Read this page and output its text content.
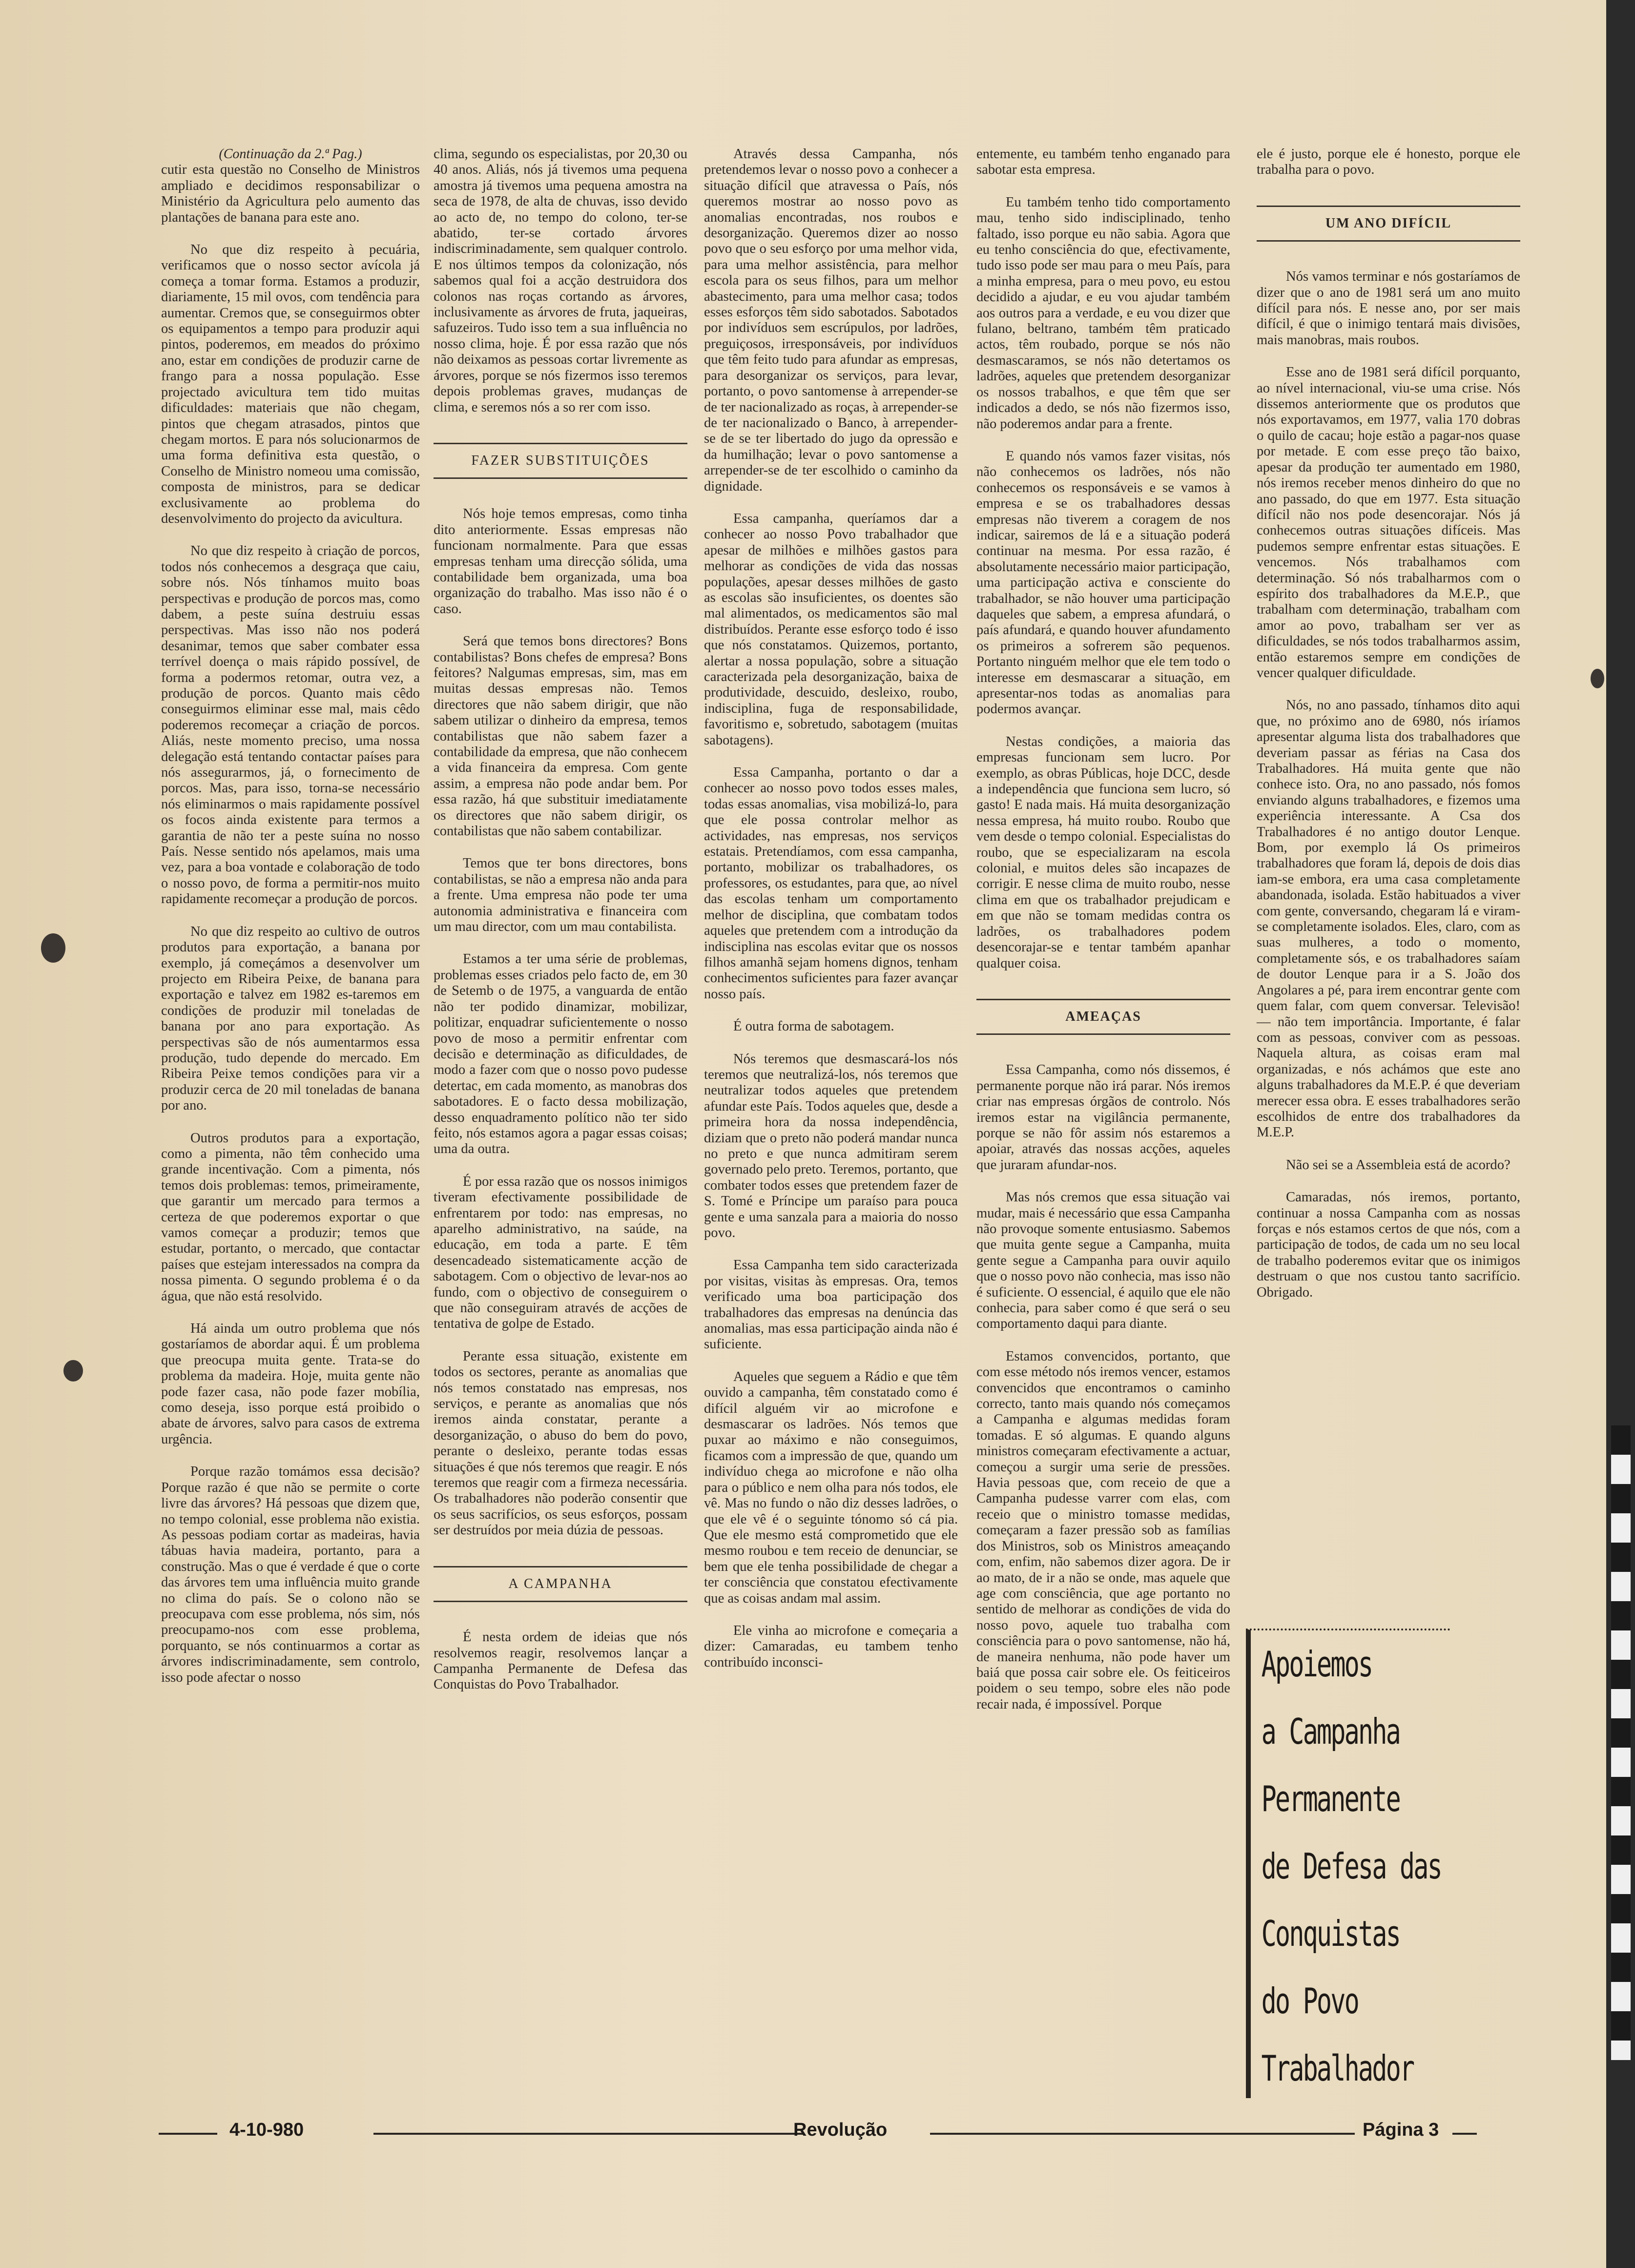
(Continuação da 2.ª Pag.)

cutir esta questão no Conselho de Ministros ampliado e decidimos responsabilizar o Ministério da Agricultura pelo aumento das plantações de banana para este ano.

No que diz respeito à pecuária, verificamos que o nosso sector avícola já começa a tomar forma. Estamos a produzir, diariamente, 15 mil ovos, com tendência para aumentar. Cremos que, se conseguirmos obter os equipamentos a tempo para produzir aqui pintos, poderemos, em meados do próximo ano, estar em condições de produzir carne de frango para a nossa população. Esse projectado avicultura tem tido muitas dificuldades: materiais que não chegam, pintos que chegam atrasados, pintos que chegam mortos. E para nós solucionarmos de uma forma definitiva esta questão, o Conselho de Ministro nomeou uma comissão, composta de ministros, para se dedicar exclusivamente ao problema do desenvolvimento do projecto da avicultura.

No que diz respeito à criação de porcos, todos nós conhecemos a desgraça que caiu, sobre nós. Nós tínhamos muito boas perspectivas e produção de porcos mas, como dabem, a peste suína destruiu essas perspectivas. Mas isso não nos poderá desanimar, temos que saber combater essa terrível doença o mais rápido possível, de forma a podermos retomar, outra vez, a produção de porcos. Quanto mais cêdo conseguirmos eliminar esse mal, mais cêdo poderemos recomeçar a criação de porcos. Aliás, neste momento preciso, uma nossa delegação está tentando contactar países para nós assegurarmos, já, o fornecimento de porcos. Mas, para isso, torna-se necessário nós eliminarmos o mais rapidamente possível os focos ainda existente para termos a garantia de não ter a peste suína no nosso País. Nesse sentido nós apelamos, mais uma vez, para a boa vontade e colaboração de todo o nosso povo, de forma a permitir-nos muito rapidamente recomeçar a produção de porcos.

No que diz respeito ao cultivo de outros produtos para exportação, a banana por exemplo, já começámos a desenvolver um projecto em Ribeira Peixe, de banana para exportação e talvez em 1982 es-taremos em condições de produzir mil toneladas de banana por ano para exportação. As perspectivas são de nós aumentarmos essa produção, tudo depende do mercado. Em Ribeira Peixe temos condições para vir a produzir cerca de 20 mil toneladas de banana por ano.

Outros produtos para a exportação, como a pimenta, não têm conhecido uma grande incentivação. Com a pimenta, nós temos dois problemas: temos, primeiramente, que garantir um mercado para termos a certeza de que poderemos exportar o que vamos começar a produzir; temos que estudar, portanto, o mercado, que contactar países que estejam interessados na compra da nossa pimenta. O segundo problema é o da água, que não está resolvido.

Há ainda um outro problema que nós gostaríamos de abordar aqui. É um problema que preocupa muita gente. Trata-se do problema da madeira. Hoje, muita gente não pode fazer casa, não pode fazer mobília, como deseja, isso porque está proibido o abate de árvores, salvo para casos de extrema urgência.

Porque razão tomámos essa decisão? Porque razão é que não se permite o corte livre das árvores? Há pessoas que dizem que, no tempo colonial, esse problema não existia. As pessoas podiam cortar as madeiras, havia tábuas havia madeira, portanto, para a construção. Mas o que é verdade é que o corte das árvores tem uma influência muito grande no clima do país. Se o colono não se preocupava com esse problema, nós sim, nós preocupamo-nos com esse problema, porquanto, se nós continuarmos a cortar as árvores indiscriminadamente, sem controlo, isso pode afectar o nosso

clima, segundo os especialistas, por 20,30 ou 40 anos. Aliás, nós já tivemos uma pequena amostra já tivemos uma pequena amostra na seca de 1978, de alta de chuvas, isso devido ao acto de, no tempo do colono, ter-se abatido, ter-se cortado árvores indiscriminadamente, sem qualquer controlo. E nos últimos tempos da colonização, nós sabemos qual foi a acção destruidora dos colonos nas roças cortando as árvores, inclusivamente as árvores de fruta, jaqueiras, safuzeiros. Tudo isso tem a sua influência no nosso clima, hoje. É por essa razão que nós não deixamos as pessoas cortar livremente as árvores, porque se nós fizermos isso teremos depois problemas graves, mudanças de clima, e seremos nós a so rer com isso.

FAZER SUBSTITUIÇÕES

Nós hoje temos empresas, como tinha dito anteriormente. Essas empresas não funcionam normalmente. Para que essas empresas tenham uma direcção sólida, uma contabilidade bem organizada, uma boa organização do trabalho. Mas isso não é o caso.

Será que temos bons directores? Bons contabilistas? Bons chefes de empresa? Bons feitores? Nalgumas empresas, sim, mas em muitas dessas empresas não. Temos directores que não sabem dirigir, que não sabem utilizar o dinheiro da empresa, temos contabilistas que não sabem fazer a contabilidade da empresa, que não conhecem a vida financeira da empresa. Com gente assim, a empresa não pode andar bem. Por essa razão, há que substituir imediatamente os directores que não sabem dirigir, os contabilistas que não sabem contabilizar.

Temos que ter bons directores, bons contabilistas, se não a empresa não anda para a frente. Uma empresa não pode ter uma autonomia administrativa e financeira com um mau director, com um mau contabilista.

Estamos a ter uma série de problemas, problemas esses criados pelo facto de, em 30 de Setemb o de 1975, a vanguarda de então não ter podido dinamizar, mobilizar, politizar, enquadrar suficientemente o nosso povo de moso a permitir enfrentar com decisão e determinação as dificuldades, de modo a fazer com que o nosso povo pudesse detertac, em cada momento, as manobras dos sabotadores. E o facto dessa mobilização, desso enquadramento político não ter sido feito, nós estamos agora a pagar essas coisas; uma da outra.

É por essa razão que os nossos inimigos tiveram efectivamente possibilidade de enfrentarem por todo: nas empresas, no aparelho administrativo, na saúde, na educação, em toda a parte. E têm desencadeado sistematicamente acção de sabotagem. Com o objectivo de levar-nos ao fundo, com o objectivo de conseguirem o que não conseguiram através de acções de tentativa de golpe de Estado.

Perante essa situação, existente em todos os sectores, perante as anomalias que nós temos constatado nas empresas, nos serviços, e perante as anomalias que nós iremos ainda constatar, perante a desorganização, o abuso do bem do povo, perante o desleixo, perante todas essas situações é que nós teremos que reagir. E nós teremos que reagir com a firmeza necessária. Os trabalhadores não poderão consentir que os seus sacrifícios, os seus esforços, possam ser destruídos por meia dúzia de pessoas.

A CAMPANHA

É nesta ordem de ideias que nós resolvemos reagir, resolvemos lançar a Campanha Permanente de Defesa das Conquistas do Povo Trabalhador.

Através dessa Campanha, nós pretendemos levar o nosso povo a conhecer a situação difícil que atravessa o País, nós queremos mostrar ao nosso povo as anomalias encontradas, nos roubos e desorganização. Queremos dizer ao nosso povo que o seu esforço por uma melhor vida, para uma melhor assistência, para melhor escola para os seus filhos, para um melhor abastecimento, para uma melhor casa; todos esses esforços têm sido sabotados. Sabotados por indivíduos sem escrúpulos, por ladrões, preguiçosos, irresponsáveis, por indivíduos que têm feito tudo para afundar as empresas, para desorganizar os serviços, para levar, portanto, o povo santomense à arrepender-se de ter nacionalizado as roças, à arrepender-se de ter nacionalizado o Banco, à arrepender-se de se ter libertado do jugo da opressão e da humilhação; levar o povo santomense a arrepender-se de ter escolhido o caminho da dignidade.

Essa campanha, queríamos dar a conhecer ao nosso Povo trabalhador que apesar de milhões e milhões gastos para melhorar as condições de vida das nossas populações, apesar desses milhões de gasto as escolas são insuficientes, os doentes são mal alimentados, os medicamentos são mal distribuídos. Perante esse esforço todo é isso que nós constatamos. Quizemos, portanto, alertar a nossa população, sobre a situação caracterizada pela desorganização, baixa de produtividade, descuido, desleixo, roubo, indisciplina, fuga de responsabilidade, favoritismo e, sobretudo, sabotagem (muitas sabotagens).

Essa Campanha, portanto o dar a conhecer ao nosso povo todos esses males, todas essas anomalias, visa mobilizá-lo, para que ele possa controlar melhor as actividades, nas empresas, nos serviços estatais. Pretendíamos, com essa campanha, portanto, mobilizar os trabalhadores, os professores, os estudantes, para que, ao nível das escolas tenham um comportamento melhor de disciplina, que combatam todos aqueles que pretendem com a introdução da indisciplina nas escolas evitar que os nossos filhos amanhã sejam homens dignos, tenham conhecimentos suficientes para fazer avançar nosso país.

É outra forma de sabotagem.

Nós teremos que desmascará-los nós teremos que neutralizá-los, nós teremos que neutralizar todos aqueles que pretendem afundar este País. Todos aqueles que, desde a primeira hora da nossa independência, diziam que o preto não poderá mandar nunca no preto e que nunca admitiram serem governado pelo preto. Teremos, portanto, que combater todos esses que pretendem fazer de S. Tomé e Príncipe um paraíso para pouca gente e uma sanzala para a maioria do nosso povo.

Essa Campanha tem sido caracterizada por visitas, visitas às empresas. Ora, temos verificado uma boa participação dos trabalhadores das empresas na denúncia das anomalias, mas essa participação ainda não é suficiente.

Aqueles que seguem a Rádio e que têm ouvido a campanha, têm constatado como é difícil alguém vir ao microfone e desmascarar os ladrões. Nós temos que puxar ao máximo e não conseguimos, ficamos com a impressão de que, quando um indivíduo chega ao microfone e não olha para o público e nem olha para nós todos, ele vê. Mas no fundo o não diz desses ladrões, o que ele vê é o seguinte tónomo só cá pia. Que ele mesmo está comprometido que ele mesmo roubou e tem receio de denunciar, se bem que ele tenha possibilidade de chegar a ter consciência que constatou efectivamente que as coisas andam mal assim.

Ele vinha ao microfone e começaria a dizer: Camaradas, eu tambem tenho contribuído inconsci-

entemente, eu também tenho enganado para sabotar esta empresa.

Eu também tenho tido comportamento mau, tenho sido indisciplinado, tenho faltado, isso porque eu não sabia. Agora que eu tenho consciência do que, efectivamente, tudo isso pode ser mau para o meu País, para a minha empresa, para o meu povo, eu estou decidido a ajudar, e eu vou ajudar também aos outros para a verdade, e eu vou dizer que fulano, beltrano, também têm praticado actos, têm roubado, porque se nós não desmascaramos, se nós não detertamos os ladrões, aqueles que pretendem desorganizar os nossos trabalhos, e que têm que ser indicados a dedo, se nós não fizermos isso, não poderemos andar para a frente.

E quando nós vamos fazer visitas, nós não conhecemos os ladrões, nós não conhecemos os responsáveis e se vamos à empresa e se os trabalhadores dessas empresas não tiverem a coragem de nos indicar, sairemos de lá e a situação poderá continuar na mesma. Por essa razão, é absolutamente necessário maior participação, uma participação activa e consciente do trabalhador, se não houver uma participação daqueles que sabem, a empresa afundará, o país afundará, e quando houver afundamento os primeiros a sofrerem são pequenos. Portanto ninguém melhor que ele tem todo o interesse em desmascarar a situação, em apresentar-nos todas as anomalias para podermos avançar.

Nestas condições, a maioria das empresas funcionam sem lucro. Por exemplo, as obras Públicas, hoje DCC, desde a independência que funciona sem lucro, só gasto! E nada mais. Há muita desorganização nessa empresa, há muito roubo. Roubo que vem desde o tempo colonial. Especialistas do roubo, que se especializaram na escola colonial, e muitos deles são incapazes de corrigir. E nesse clima de muito roubo, nesse clima em que os trabalhador prejudicam e em que não se tomam medidas contra os ladrões, os trabalhadores podem desencorajar-se e tentar também apanhar qualquer coisa.

AMEAÇAS

Essa Campanha, como nós dissemos, é permanente porque não irá parar. Nós iremos criar nas empresas órgãos de controlo. Nós iremos estar na vigilância permanente, porque se não fôr assim nós estaremos a apoiar, através das nossas acções, aqueles que juraram afundar-nos.

Mas nós cremos que essa situação vai mudar, mais é necessário que essa Campanha não provoque somente entusiasmo. Sabemos que muita gente segue a Campanha, muita gente segue a Campanha para ouvir aquilo que o nosso povo não conhecia, mas isso não é suficiente. O essencial, é aquilo que ele não conhecia, para saber como é que será o seu comportamento daqui para diante.

Estamos convencidos, portanto, que com esse método nós iremos vencer, estamos convencidos que encontramos o caminho correcto, tanto mais quando nós começamos a Campanha e algumas medidas foram tomadas. E só algumas. E quando alguns ministros começaram efectivamente a actuar, começou a surgir uma serie de pressões. Havia pessoas que, com receio de que a Campanha pudesse varrer com elas, com receio que o ministro tomasse medidas, começaram a fazer pressão sob as famílias dos Ministros, sob os Ministros ameaçando com, enfim, não sabemos dizer agora. De ir ao mato, de ir a não se onde, mas aquele que age com consciência, que age portanto no sentido de melhorar as condições de vida do nosso povo, aquele tuo trabalha com consciência para o povo santomense, não há, de maneira nenhuma, não pode haver um baiá que possa cair sobre ele. Os feiticeiros poidem o seu tempo, sobre eles não pode recair nada, é impossível. Porque

ele é justo, porque ele é honesto, porque ele trabalha para o povo.

UM ANO DIFÍCIL

Nós vamos terminar e nós gostaríamos de dizer que o ano de 1981 será um ano muito difícil para nós. E nesse ano, por ser mais difícil, é que o inimigo tentará mais divisões, mais manobras, mais roubos.

Esse ano de 1981 será difícil porquanto, ao nível internacional, viu-se uma crise. Nós dissemos anteriormente que os produtos que nós exportavamos, em 1977, valia 170 dobras o quilo de cacau; hoje estão a pagar-nos quase por metade. E com esse preço tão baixo, apesar da produção ter aumentado em 1980, nós iremos receber menos dinheiro do que no ano passado, do que em 1977. Esta situação difícil não nos pode desencorajar. Nós já conhecemos outras situações difíceis. Mas pudemos sempre enfrentar estas situações. E vencemos. Nós trabalhamos com determinação. Só nós trabalharmos com o espírito dos trabalhadores da M.E.P., que trabalham com determinação, trabalham com amor ao povo, trabalham ser ver as dificuldades, se nós todos trabalharmos assim, então estaremos sempre em condições de vencer qualquer dificuldade.

Nós, no ano passado, tínhamos dito aqui que, no próximo ano de 6980, nós iríamos apresentar alguma lista dos trabalhadores que deveriam passar as férias na Casa dos Trabalhadores. Há muita gente que não conhece isto. Ora, no ano passado, nós fomos enviando alguns trabalhadores, e fizemos uma experiência interessante. A Csa dos Trabalhadores é no antigo doutor Lenque. Bom, por exemplo lá Os primeiros trabalhadores que foram lá, depois de dois dias iam-se embora, era uma casa completamente abandonada, isolada. Estão habituados a viver com gente, conversando, chegaram lá e viram-se completamente isolados. Eles, claro, com as suas mulheres, a todo o momento, completamente sós, e os trabalhadores saíam de doutor Lenque para ir a S. João dos Angolares a pé, para irem encontrar gente com quem falar, com quem conversar. Televisão! — não tem importância. Importante, é falar com as pessoas, conviver com as pessoas. Naquela altura, as coisas eram mal organizadas, e nós achámos que este ano alguns trabalhadores da M.E.P. é que deveriam merecer essa obra. E esses trabalhadores serão escolhidos de entre dos trabalhadores da M.E.P.

Não sei se a Assembleia está de acordo?

Camaradas, nós iremos, portanto, continuar a nossa Campanha com as nossas forças e nós estamos certos de que nós, com a participação de todos, de cada um no seu local de trabalho poderemos evitar que os inimigos destruam o que nos custou tanto sacrifício. Obrigado.

Apoiemos
a Campanha
Permanente
de Defesa das
Conquistas
do Povo
Trabalhador
4-10-980	Revolução	Página 3
